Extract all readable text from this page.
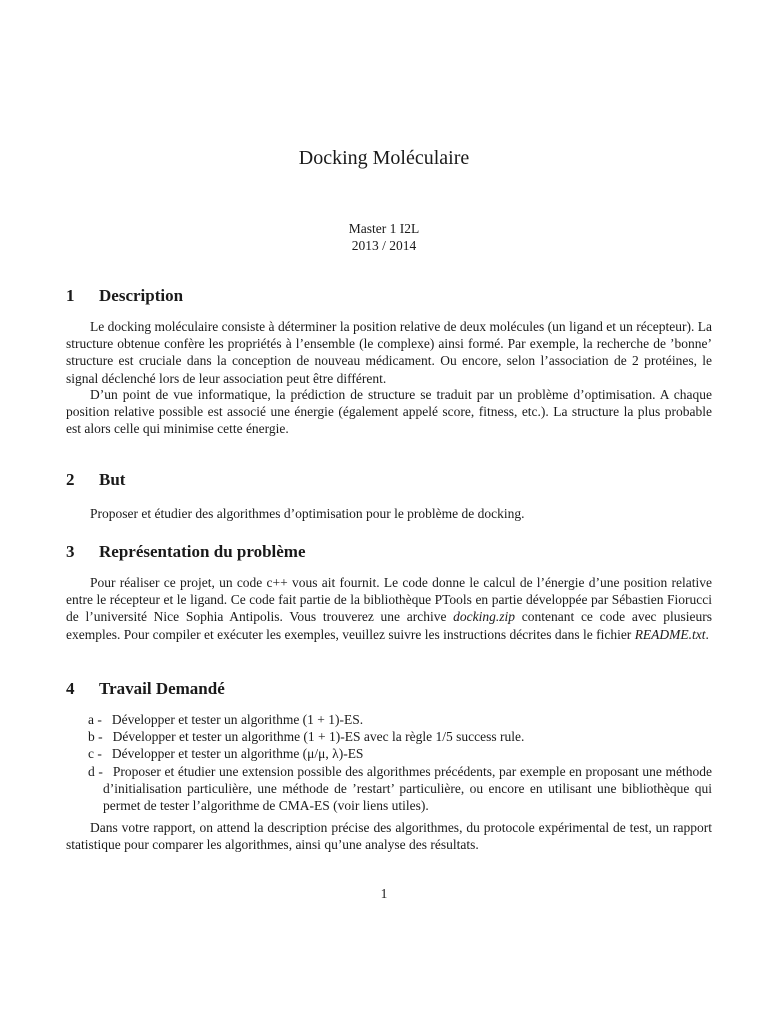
Docking Moléculaire
Master 1 I2L
2013 / 2014
1 Description

Le docking moléculaire consiste à déterminer la position relative de deux molécules (un ligand et un récepteur). La structure obtenue confère les propriétés à l’ensemble (le complexe) ainsi formé. Par exemple, la recherche de ’bonne’ structure est cruciale dans la conception de nouveau médicament. Ou encore, selon l’association de 2 protéines, le signal déclenché lors de leur association peut être différent.

D’un point de vue informatique, la prédiction de structure se traduit par un problème d’optimisation. A chaque position relative possible est associé une énergie (également appelé score, fitness, etc.). La structure la plus probable est alors celle qui minimise cette énergie.

2 But

Proposer et étudier des algorithmes d’optimisation pour le problème de docking.

3 Représentation du problème

Pour réaliser ce projet, un code c++ vous ait fournit. Le code donne le calcul de l’énergie d’une position relative entre le récepteur et le ligand. Ce code fait partie de la bibliothèque PTools en partie développée par Sébastien Fiorucci de l’université Nice Sophia Antipolis. Vous trouverez une archive docking.zip contenant ce code avec plusieurs exemples. Pour compiler et exécuter les exemples, veuillez suivre les instructions décrites dans le fichier README.txt.

4 Travail Demandé
a - Développer et tester un algorithme (1 + 1)-ES.
b - Développer et tester un algorithme (1 + 1)-ES avec la règle 1/5 success rule.
c - Développer et tester un algorithme (μ/μ, λ)-ES
d - Proposer et étudier une extension possible des algorithmes précédents, par exemple en proposant une méthode d’initialisation particulière, une méthode de ’restart’ particulière, ou encore en utilisant une bibliothèque qui permet de tester l’algorithme de CMA-ES (voir liens utiles).

Dans votre rapport, on attend la description précise des algorithmes, du protocole expérimental de test, un rapport statistique pour comparer les algorithmes, ainsi qu’une analyse des résultats.

1
